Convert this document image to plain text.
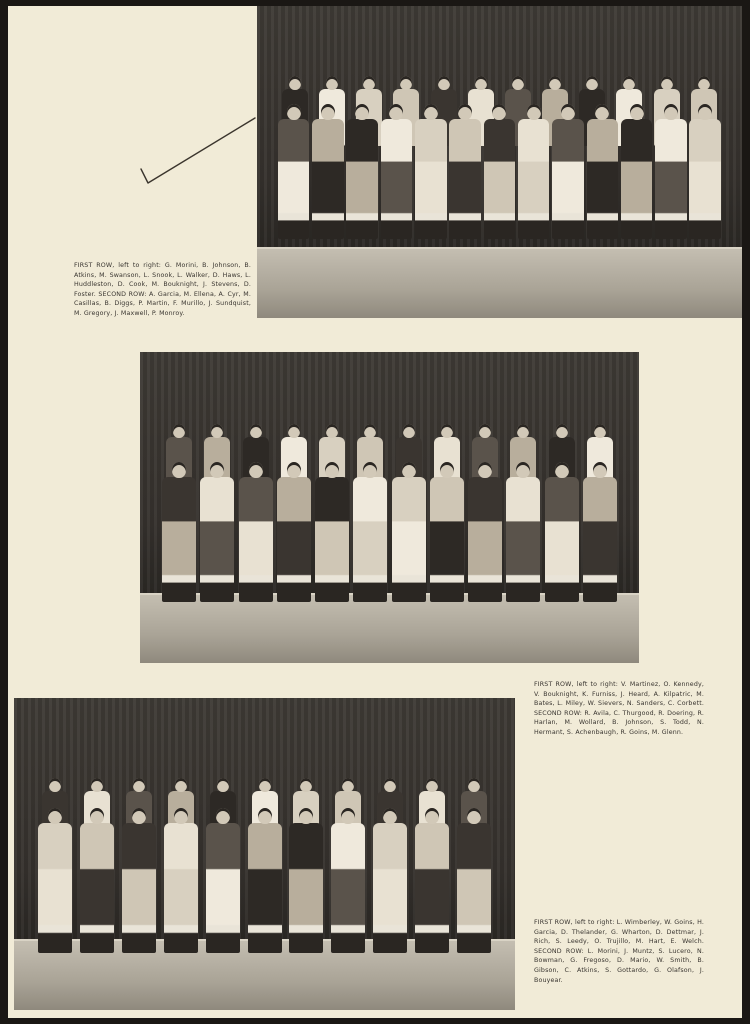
FIRST ROW, left to right: G. Morini, B. Johnson, B. Atkins, M. Swanson, L. Snook, L. Walker, D. Haws, L. Huddleston, D. Cook, M. Bouknight, J. Stevens, D. Foster. SECOND ROW: A. Garcia, M. Ellena, A. Cyr, M. Casillas, B. Diggs, P. Martin, F. Murillo, J. Sundquist, M. Gregory, J. Maxwell, P. Monroy.
FIRST ROW, left to right: V. Martinez, O. Kennedy, V. Bouknight, K. Furniss, J. Heard, A. Kilpatric, M. Bates, L. Miley, W. Sievers, N. Sanders, C. Corbett. SECOND ROW: R. Avila, C. Thurgood, R. Doering, R. Harlan, M. Wollard, B. Johnson, S. Todd, N. Hermant, S. Achenbaugh, R. Goins, M. Glenn.
FIRST ROW, left to right: L. Wimberley, W. Goins, H. Garcia, D. Thelander, G. Wharton, D. Dettmar, J. Rich, S. Leedy, O. Trujillo, M. Hart, E. Welch. SECOND ROW: L. Morini, J. Muntz, S. Lucero, N. Bowman, G. Fregoso, D. Mario, W. Smith, B. Gibson, C. Atkins, S. Gottardo, G. Olafson, J. Bouyear.
